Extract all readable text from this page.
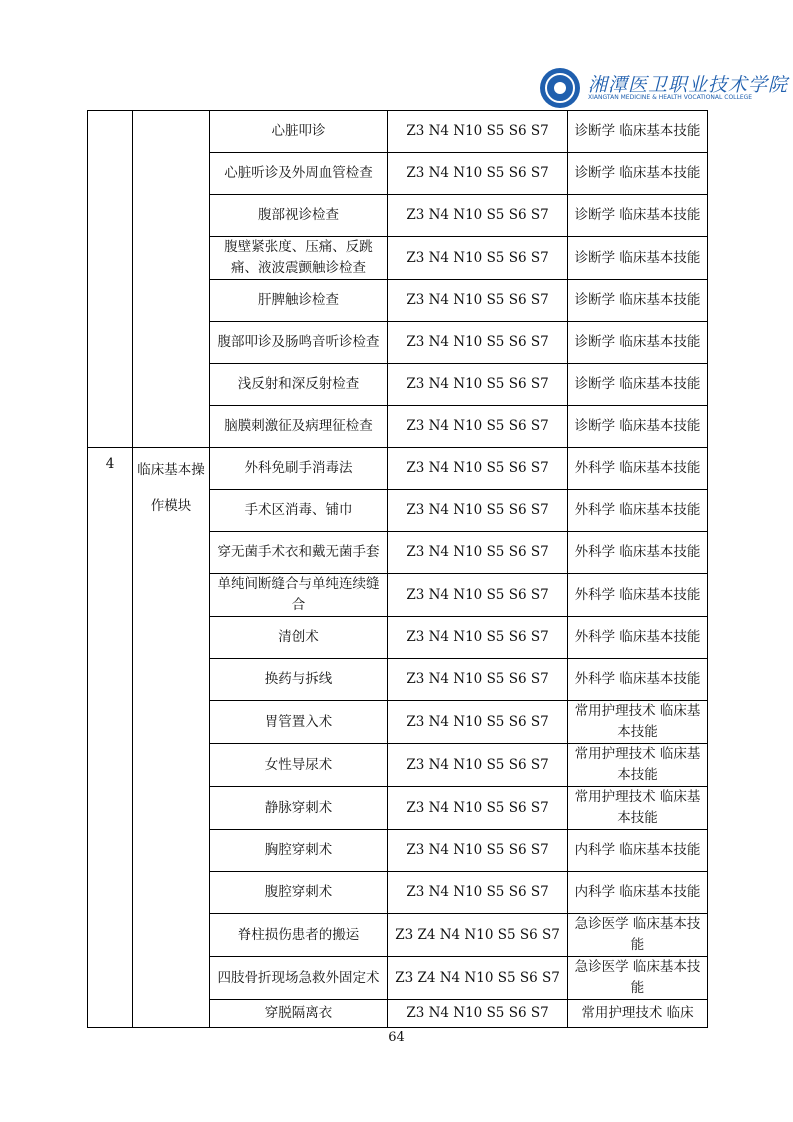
湘潭医卫职业技术学院
XIANGTAN MEDICINE & HEALTH VOCATIONAL COLLEGE
		心脏叩诊	Z3 N4 N10 S5 S6 S7	诊断学 临床基本技能
		心脏听诊及外周血管检查	Z3 N4 N10 S5 S6 S7	诊断学 临床基本技能
		腹部视诊检查	Z3 N4 N10 S5 S6 S7	诊断学 临床基本技能
		腹壁紧张度、压痛、反跳痛、液波震颤触诊检查	Z3 N4 N10 S5 S6 S7	诊断学 临床基本技能
		肝脾触诊检查	Z3 N4 N10 S5 S6 S7	诊断学 临床基本技能
		腹部叩诊及肠鸣音听诊检查	Z3 N4 N10 S5 S6 S7	诊断学 临床基本技能
		浅反射和深反射检查	Z3 N4 N10 S5 S6 S7	诊断学 临床基本技能
		脑膜刺激征及病理征检查	Z3 N4 N10 S5 S6 S7	诊断学 临床基本技能
4	临床基本操作模块	外科免刷手消毒法	Z3 N4 N10 S5 S6 S7	外科学 临床基本技能
		手术区消毒、铺巾	Z3 N4 N10 S5 S6 S7	外科学 临床基本技能
		穿无菌手术衣和戴无菌手套	Z3 N4 N10 S5 S6 S7	外科学 临床基本技能
		单纯间断缝合与单纯连续缝合	Z3 N4 N10 S5 S6 S7	外科学 临床基本技能
		清创术	Z3 N4 N10 S5 S6 S7	外科学 临床基本技能
		换药与拆线	Z3 N4 N10 S5 S6 S7	外科学 临床基本技能
		胃管置入术	Z3 N4 N10 S5 S6 S7	常用护理技术 临床基本技能
		女性导尿术	Z3 N4 N10 S5 S6 S7	常用护理技术 临床基本技能
		静脉穿刺术	Z3 N4 N10 S5 S6 S7	常用护理技术 临床基本技能
		胸腔穿刺术	Z3 N4 N10 S5 S6 S7	内科学 临床基本技能
		腹腔穿刺术	Z3 N4 N10 S5 S6 S7	内科学 临床基本技能
		脊柱损伤患者的搬运	Z3 Z4 N4 N10 S5 S6 S7	急诊医学 临床基本技能
		四肢骨折现场急救外固定术	Z3 Z4 N4 N10 S5 S6 S7	急诊医学 临床基本技能
		穿脱隔离衣	Z3 N4 N10 S5 S6 S7	常用护理技术 临床
64
